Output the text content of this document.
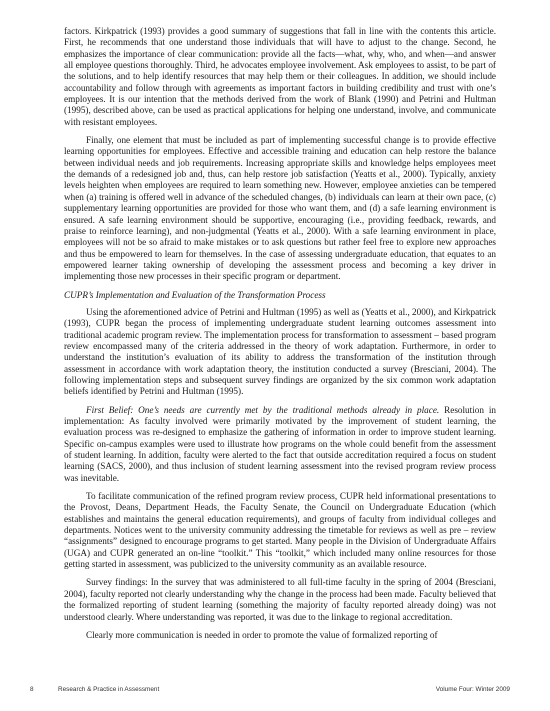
factors. Kirkpatrick (1993) provides a good summary of suggestions that fall in line with the contents this article. First, he recommends that one understand those individuals that will have to adjust to the change. Second, he emphasizes the importance of clear communication: provide all the facts—what, why, who, and when—and answer all employee questions thoroughly. Third, he advocates employee involvement. Ask employees to assist, to be part of the solutions, and to help identify resources that may help them or their colleagues. In addition, we should include accountability and follow through with agreements as important factors in building credibility and trust with one’s employees. It is our intention that the methods derived from the work of Blank (1990) and Petrini and Hultman (1995), described above, can be used as practical applications for helping one understand, involve, and communicate with resistant employees.

Finally, one element that must be included as part of implementing successful change is to provide effective learning opportunities for employees. Effective and accessible training and education can help restore the balance between individual needs and job requirements. Increasing appropriate skills and knowledge helps employees meet the demands of a redesigned job and, thus, can help restore job satisfaction (Yeatts et al., 2000). Typically, anxiety levels heighten when employees are required to learn something new. However, employee anxieties can be tempered when (a) training is offered well in advance of the scheduled changes, (b) individuals can learn at their own pace, (c) supplementary learning opportunities are provided for those who want them, and (d) a safe learning environment is ensured. A safe learning environment should be supportive, encouraging (i.e., providing feedback, rewards, and praise to reinforce learning), and non-judgmental (Yeatts et al., 2000). With a safe learning environment in place, employees will not be so afraid to make mistakes or to ask questions but rather feel free to explore new approaches and thus be empowered to learn for themselves. In the case of assessing undergraduate education, that equates to an empowered learner taking ownership of developing the assessment process and becoming a key driver in implementing those new processes in their specific program or department.

CUPR’s Implementation and Evaluation of the Transformation Process

Using the aforementioned advice of Petrini and Hultman (1995) as well as (Yeatts et al., 2000), and Kirkpatrick (1993), CUPR began the process of implementing undergraduate student learning outcomes assessment into traditional academic program review. The implementation process for transformation to assessment – based program review encompassed many of the criteria addressed in the theory of work adaptation. Furthermore, in order to understand the institution’s evaluation of its ability to address the transformation of the institution through assessment in accordance with work adaptation theory, the institution conducted a survey (Bresciani, 2004). The following implementation steps and subsequent survey findings are organized by the six common work adaptation beliefs identified by Petrini and Hultman (1995).

First Belief: One’s needs are currently met by the traditional methods already in place. Resolution in implementation: As faculty involved were primarily motivated by the improvement of student learning, the evaluation process was re-designed to emphasize the gathering of information in order to improve student learning. Specific on-campus examples were used to illustrate how programs on the whole could benefit from the assessment of student learning. In addition, faculty were alerted to the fact that outside accreditation required a focus on student learning (SACS, 2000), and thus inclusion of student learning assessment into the revised program review process was inevitable.

To facilitate communication of the refined program review process, CUPR held informational presentations to the Provost, Deans, Department Heads, the Faculty Senate, the Council on Undergraduate Education (which establishes and maintains the general education requirements), and groups of faculty from individual colleges and departments. Notices went to the university community addressing the timetable for reviews as well as pre – review “assignments” designed to encourage programs to get started. Many people in the Division of Undergraduate Affairs (UGA) and CUPR generated an on-line “toolkit.” This “toolkit,” which included many online resources for those getting started in assessment, was publicized to the university community as an available resource.

Survey findings: In the survey that was administered to all full-time faculty in the spring of 2004 (Bresciani, 2004), faculty reported not clearly understanding why the change in the process had been made. Faculty believed that the formalized reporting of student learning (something the majority of faculty reported already doing) was not understood clearly. Where understanding was reported, it was due to the linkage to regional accreditation.

Clearly more communication is needed in order to promote the value of formalized reporting of

8	Research & Practice in Assessment	Volume Four: Winter 2009
